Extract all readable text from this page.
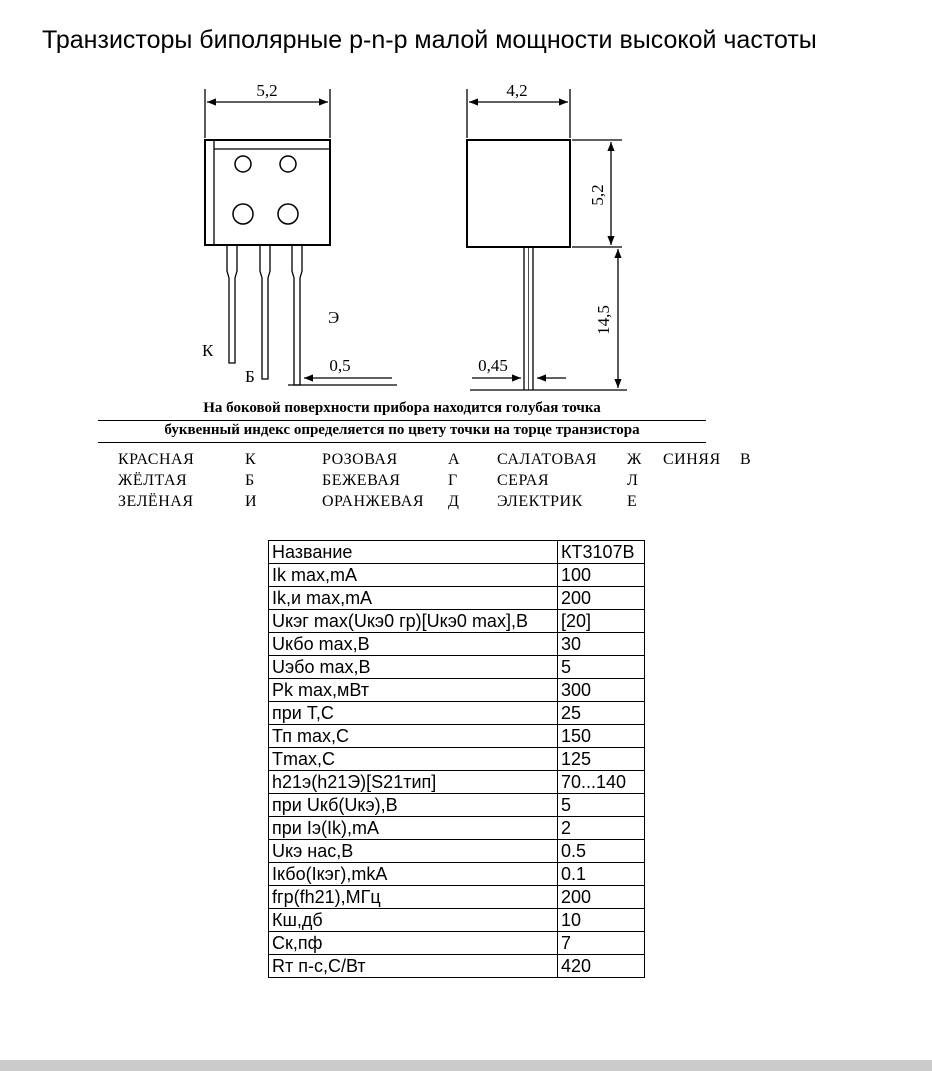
Транзисторы биполярные p-n-p малой мощности высокой частоты
5,2
0,5
Э
К
Б
4,2
5,2
14,5
0,45

На боковой поверхности прибора находится голубая точка

буквенный индекс определяется по цвету точки на торце транзистора

КРАСНАЯ	К	РОЗОВАЯ	А	САЛАТОВАЯ	Ж	СИНЯЯ	В
ЖЁЛТАЯ	Б	БЕЖЕВАЯ	Г	СЕРАЯ	Л
ЗЕЛЁНАЯ	И	ОРАНЖЕВАЯ	Д	ЭЛЕКТРИК	Е
Название	КТ3107В
Ik max,mA	100
Ik,и max,mA	200
Uкэг max(Uкэ0 гр)[Uкэ0 max],В	[20]
Uкбо max,В	30
Uэбо max,В	5
Pk max,мВт	300
при Т,С	25
Тп max,С	150
Tmax,С	125
h21э(h21Э)[S21тип]	70...140
при Uкб(Uкэ),В	5
при Iэ(Ik),mA	2
Uкэ нас,В	0.5
Iкбо(Iкэг),mkA	0.1
fгр(fh21),МГц	200
Кш,дб	10
Ск,пф	7
Rт п-с,С/Вт	420
